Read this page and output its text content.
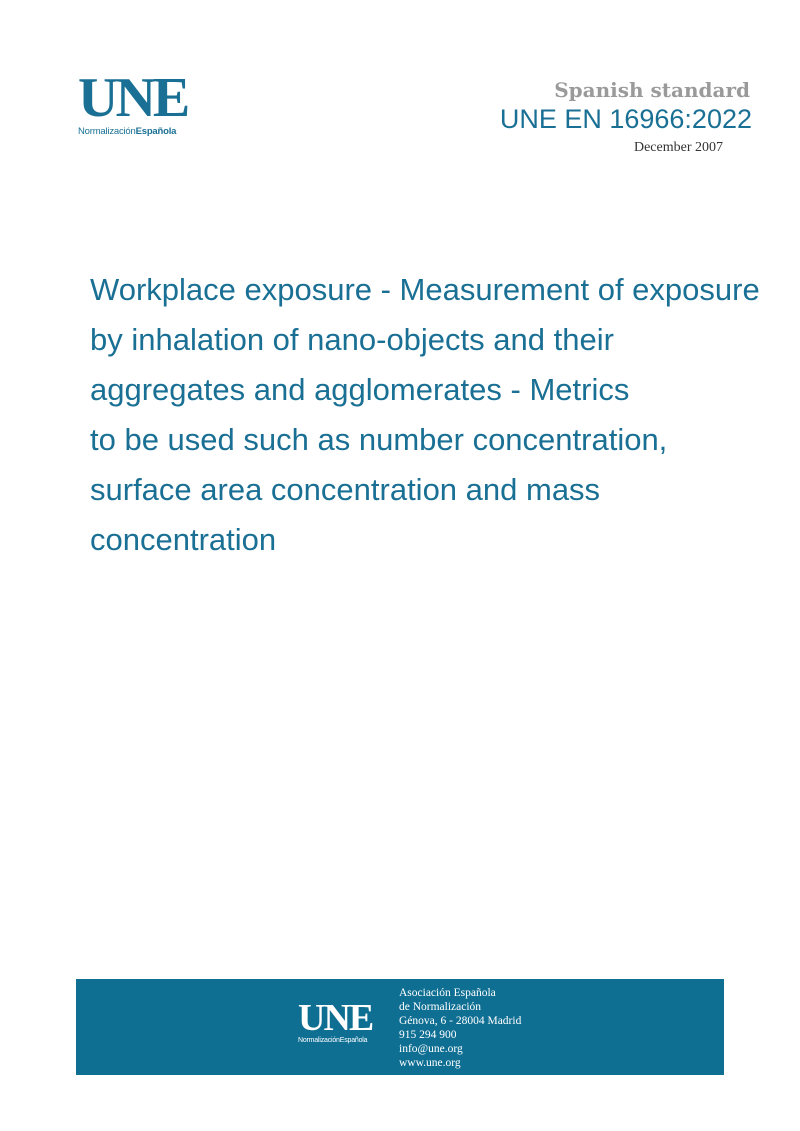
UNE
NormalizaciónEspañola
Spanish standard
UNE EN 16966:2022
December 2007
Workplace exposure - Measurement of exposure
by inhalation of nano-objects and their
aggregates and agglomerates - Metrics
to be used such as number concentration,
surface area concentration and mass
concentration
UNE
NormalizaciónEspañola
Asociación Española
de Normalización
Génova, 6 - 28004 Madrid
915 294 900
info@une.org
www.une.org
